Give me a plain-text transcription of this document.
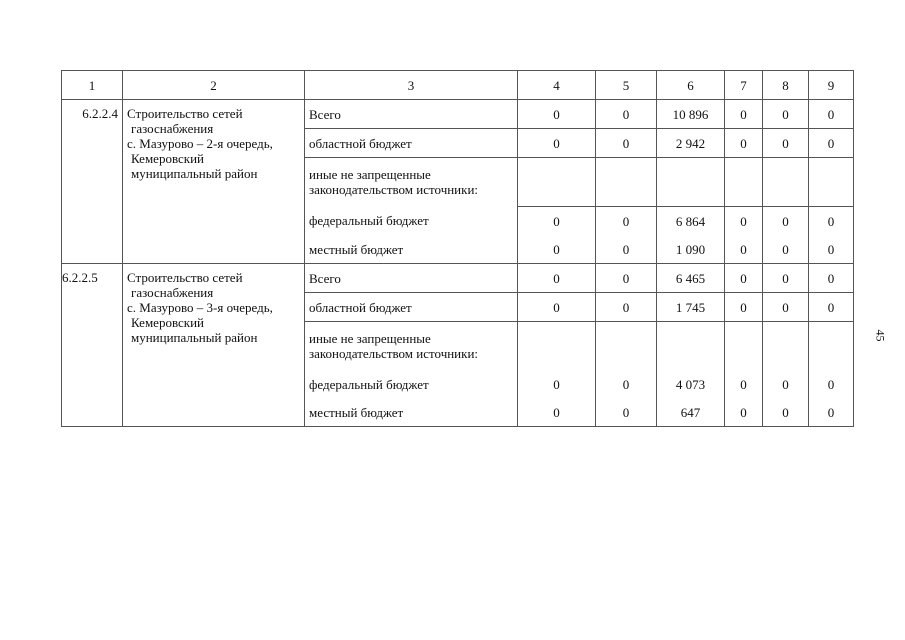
1	2	3	4	5	6	7	8	9
6.2.2.4	Строительство сетей
газоснабжения
с. Мазурово – 2-я очередь,
Кемеровский
муниципальный район	Всего	0	0	10 896	0	0	0
		областной бюджет	0	0	2 942	0	0	0
		иные не запрещенные законодательством источники:						
		федеральный бюджет	0	0	6 864	0	0	0
		местный бюджет	0	0	1 090	0	0	0
6.2.2.5	Строительство сетей
газоснабжения
с. Мазурово – 3-я очередь,
Кемеровский
муниципальный район	Всего	0	0	6 465	0	0	0
		областной бюджет	0	0	1 745	0	0	0
		иные не запрещенные законодательством источники:						
		федеральный бюджет	0	0	4 073	0	0	0
		местный бюджет	0	0	647	0	0	0
45
